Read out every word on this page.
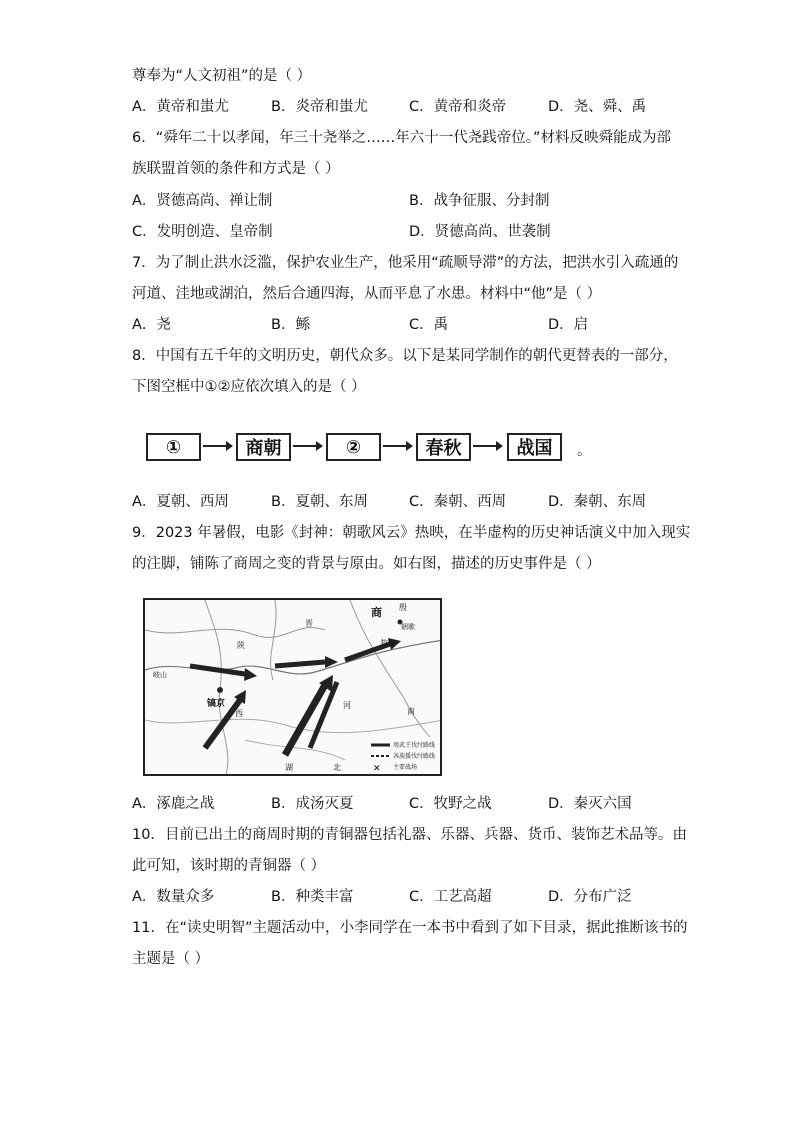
尊奉为“人文初祖”的是（ ）
A．黄帝和蚩尤	B．炎帝和蚩尤	C．黄帝和炎帝	D．尧、舜、禹
6．“舜年二十以孝闻，年三十尧举之……年六十一代尧践帝位。”材料反映舜能成为部
族联盟首领的条件和方式是（ ）
A．贤德高尚、禅让制	B．战争征服、分封制
C．发明创造、皇帝制	D．贤德高尚、世袭制
7．为了制止洪水泛滥，保护农业生产，他采用“疏顺导滞”的方法，把洪水引入疏通的
河道、洼地或湖泊，然后合通四海，从而平息了水患。材料中“他”是（ ）
A．尧	B．鲧	C．禹	D．启
8．中国有五千年的文明历史，朝代众多。以下是某同学制作的朝代更替表的一部分，
下图空框中①②应依次填入的是（ ）
①	商朝	②	春秋	战国	。
A．夏朝、西周	B．夏朝、东周	C．秦朝、西周	D．秦朝、东周
9．2023 年暑假，电影《封神：朝歌风云》热映，在半虚构的历史神话演义中加入现实
的注脚，铺陈了商周之变的背景与原由。如右图，描述的历史事件是（ ）
✕
商 殷
朝歌
牧野
岐山
镐京
西	南
湖	北
陕
河
晋
周武王伐纣路线
各族援伐纣路线
主要战场
A．涿鹿之战	B．成汤灭夏	C．牧野之战	D．秦灭六国
10．目前已出土的商周时期的青铜器包括礼器、乐器、兵器、货币、装饰艺术品等。由
此可知，该时期的青铜器（ ）
A．数量众多	B．种类丰富	C．工艺高超	D．分布广泛
11．在“读史明智”主题活动中，小李同学在一本书中看到了如下目录，据此推断该书的
主题是（ ）
